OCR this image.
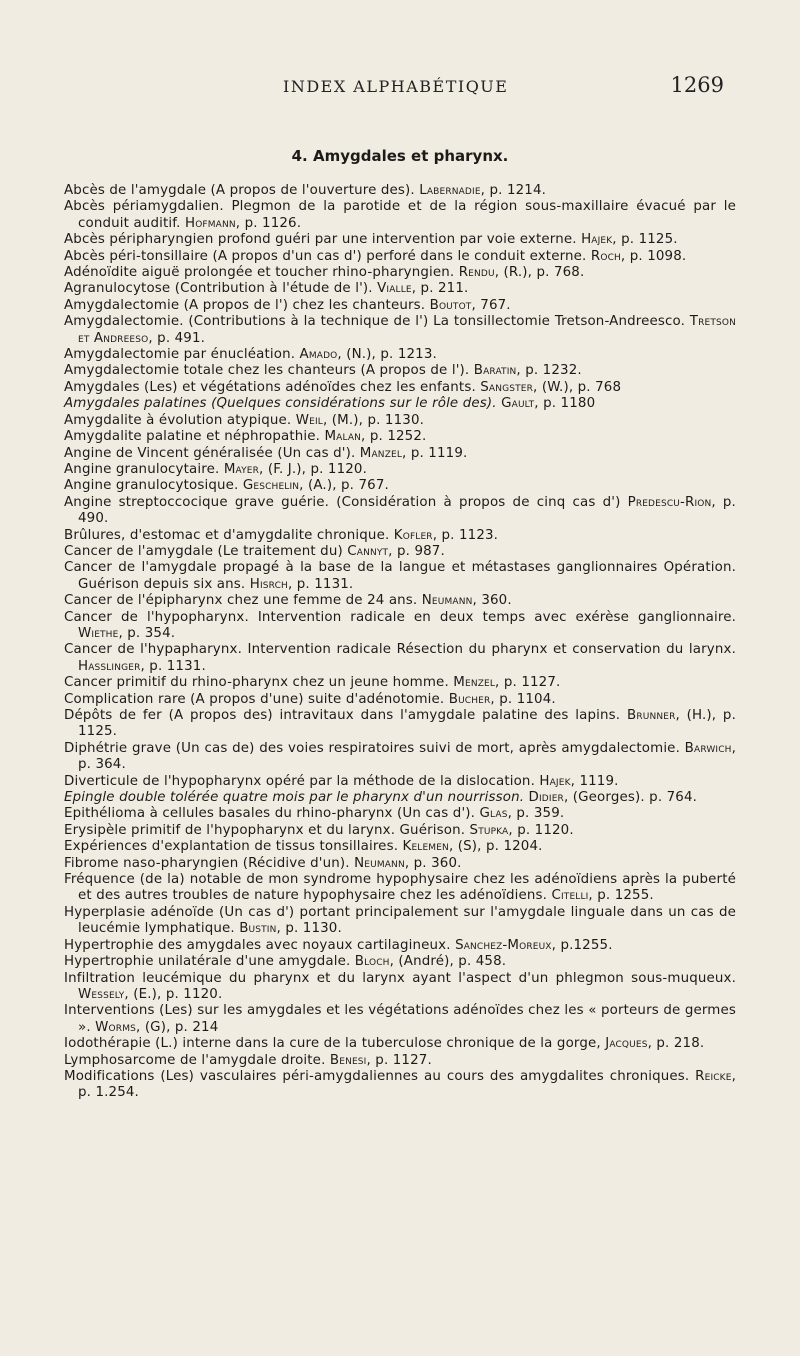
INDEX ALPHABÉTIQUE	1269
4. Amygdales et pharynx.
Abcès de l'amygdale (A propos de l'ouverture des). Labernadie, p. 1214.
Abcès périamygdalien. Plegmon de la parotide et de la région sous-maxillaire évacué par le conduit auditif. Hofmann, p. 1126.
Abcès péripharyngien profond guéri par une intervention par voie externe. Hajek, p. 1125.
Abcès péri-tonsillaire (A propos d'un cas d') perforé dans le conduit externe. Roch, p. 1098.
Adénoïdite aiguë prolongée et toucher rhino-pharyngien. Rendu, (R.), p. 768.
Agranulocytose (Contribution à l'étude de l'). Vialle, p. 211.
Amygdalectomie (A propos de l') chez les chanteurs. Boutot, 767.
Amygdalectomie. (Contributions à la technique de l') La tonsillectomie Tretson-Andreesco. Tretson et Andreeso, p. 491.
Amygdalectomie par énucléation. Amado, (N.), p. 1213.
Amygdalectomie totale chez les chanteurs (A propos de l'). Baratin, p. 1232.
Amygdales (Les) et végétations adénoïdes chez les enfants. Sangster, (W.), p. 768
Amygdales palatines (Quelques considérations sur le rôle des). Gault, p. 1180
Amygdalite à évolution atypique. Weil, (M.), p. 1130.
Amygdalite palatine et néphropathie. Malan, p. 1252.
Angine de Vincent généralisée (Un cas d'). Manzel, p. 1119.
Angine granulocytaire. Mayer, (F. J.), p. 1120.
Angine granulocytosique. Geschelin, (A.), p. 767.
Angine streptoccocique grave guérie. (Considération à propos de cinq cas d') Predescu-Rion, p. 490.
Brûlures, d'estomac et d'amygdalite chronique. Kofler, p. 1123.
Cancer de l'amygdale (Le traitement du) Cannyt, p. 987.
Cancer de l'amygdale propagé à la base de la langue et métastases ganglionnaires Opération. Guérison depuis six ans. Hisrch, p. 1131.
Cancer de l'épipharynx chez une femme de 24 ans. Neumann, 360.
Cancer de l'hypopharynx. Intervention radicale en deux temps avec exérèse ganglionnaire. Wiethe, p. 354.
Cancer de l'hypapharynx. Intervention radicale Résection du pharynx et conservation du larynx. Hasslinger, p. 1131.
Cancer primitif du rhino-pharynx chez un jeune homme. Menzel, p. 1127.
Complication rare (A propos d'une) suite d'adénotomie. Bucher, p. 1104.
Dépôts de fer (A propos des) intravitaux dans l'amygdale palatine des lapins. Brunner, (H.), p. 1125.
Diphétrie grave (Un cas de) des voies respiratoires suivi de mort, après amygdalectomie. Barwich, p. 364.
Diverticule de l'hypopharynx opéré par la méthode de la dislocation. Hajek, 1119.
Epingle double tolérée quatre mois par le pharynx d'un nourrisson. Didier, (Georges). p. 764.
Epithélioma à cellules basales du rhino-pharynx (Un cas d'). Glas, p. 359.
Erysipèle primitif de l'hypopharynx et du larynx. Guérison. Stupka, p. 1120.
Expériences d'explantation de tissus tonsillaires. Kelemen, (S), p. 1204.
Fibrome naso-pharyngien (Récidive d'un). Neumann, p. 360.
Fréquence (de la) notable de mon syndrome hypophysaire chez les adénoïdiens après la puberté et des autres troubles de nature hypophysaire chez les adénoïdiens. Citelli, p. 1255.
Hyperplasie adénoïde (Un cas d') portant principalement sur l'amygdale linguale dans un cas de leucémie lymphatique. Bustin, p. 1130.
Hypertrophie des amygdales avec noyaux cartilagineux. Sanchez-Moreux, p.1255.
Hypertrophie unilatérale d'une amygdale. Bloch, (André), p. 458.
Infiltration leucémique du pharynx et du larynx ayant l'aspect d'un phlegmon sous-muqueux. Wessely, (E.), p. 1120.
Interventions (Les) sur les amygdales et les végétations adénoïdes chez les « porteurs de germes ». Worms, (G), p. 214
Iodothérapie (L.) interne dans la cure de la tuberculose chronique de la gorge, Jacques, p. 218.
Lymphosarcome de l'amygdale droite. Benesi, p. 1127.
Modifications (Les) vasculaires péri-amygdaliennes au cours des amygdalites chroniques. Reicke, p. 1.254.
